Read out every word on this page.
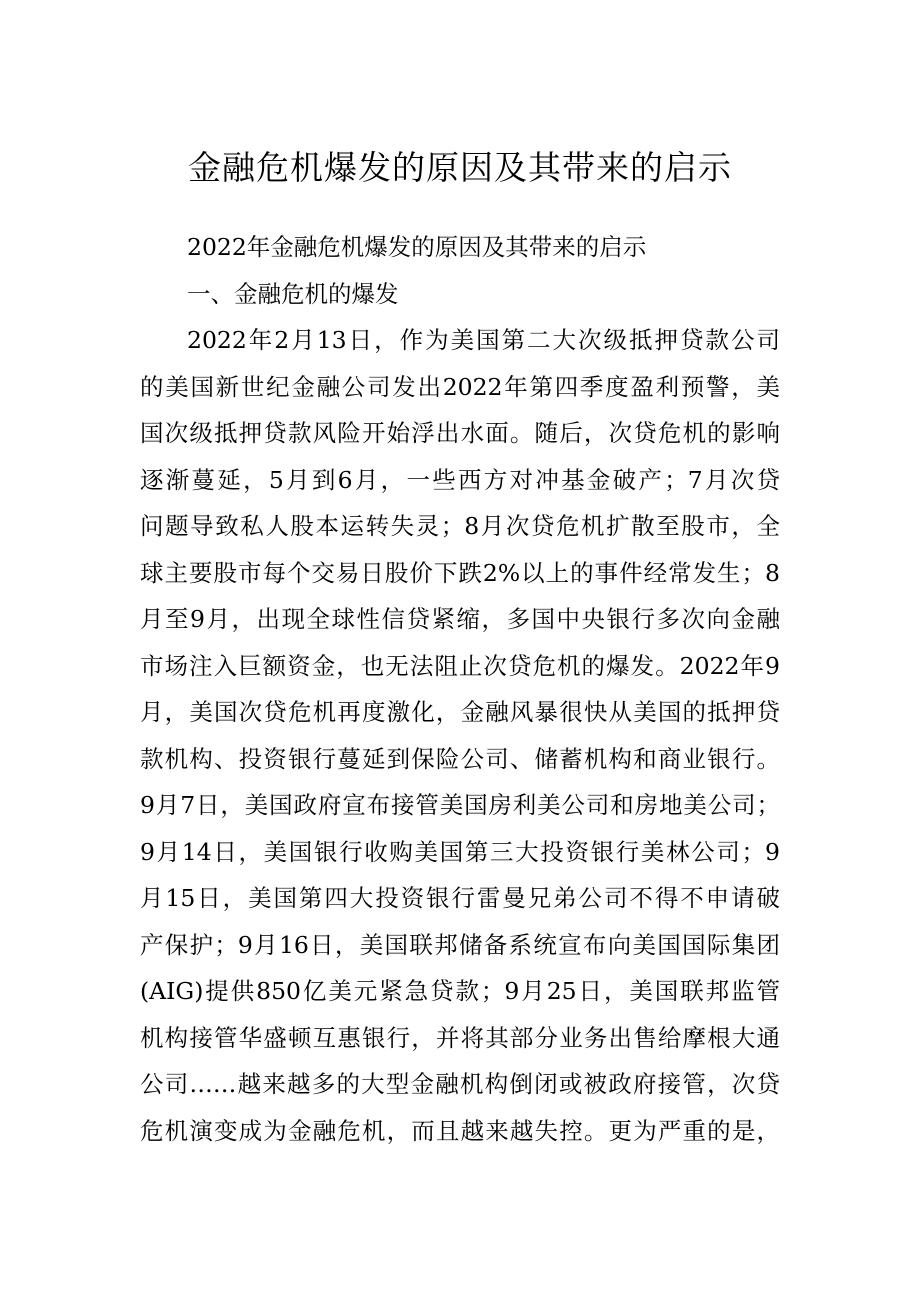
金融危机爆发的原因及其带来的启示

2022年金融危机爆发的原因及其带来的启示

一、金融危机的爆发

2022年2月13日，作为美国第二大次级抵押贷款公司
的美国新世纪金融公司发出2022年第四季度盈利预警，美
国次级抵押贷款风险开始浮出水面。随后，次贷危机的影响
逐渐蔓延，5月到6月，一些西方对冲基金破产；7月次贷
问题导致私人股本运转失灵；8月次贷危机扩散至股市，全
球主要股市每个交易日股价下跌2%以上的事件经常发生；8
月至9月，出现全球性信贷紧缩，多国中央银行多次向金融
市场注入巨额资金，也无法阻止次贷危机的爆发。2022年9
月，美国次贷危机再度激化，金融风暴很快从美国的抵押贷
款机构、投资银行蔓延到保险公司、储蓄机构和商业银行。
9月7日，美国政府宣布接管美国房利美公司和房地美公司；
9月14日，美国银行收购美国第三大投资银行美林公司；9
月15日，美国第四大投资银行雷曼兄弟公司不得不申请破
产保护；9月16日，美国联邦储备系统宣布向美国国际集团
(AIG)提供850亿美元紧急贷款；9月25日，美国联邦监管
机构接管华盛顿互惠银行，并将其部分业务出售给摩根大通
公司……越来越多的大型金融机构倒闭或被政府接管，次贷
危机演变成为金融危机，而且越来越失控。更为严重的是，
